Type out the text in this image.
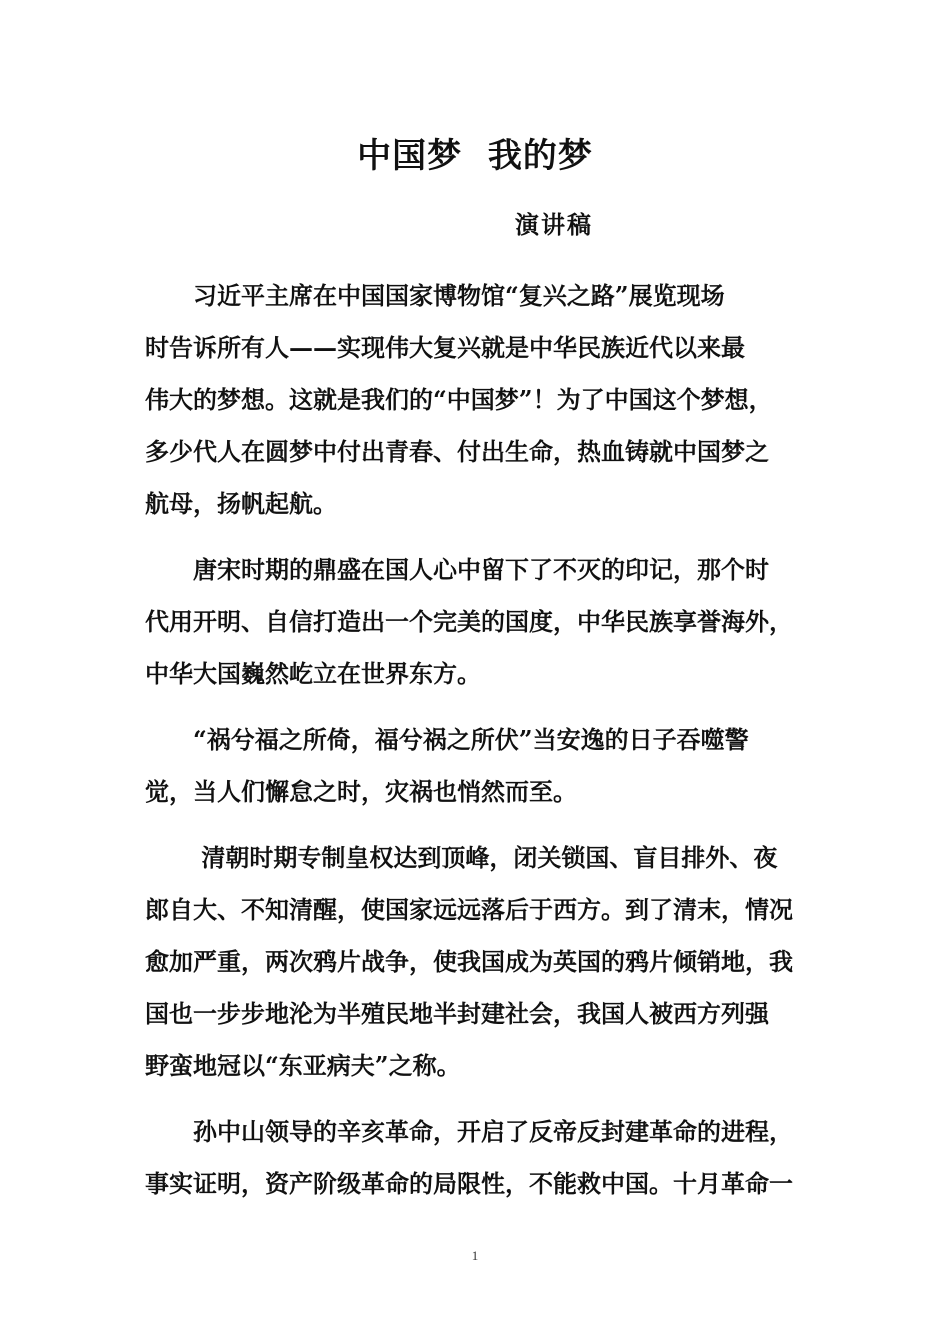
中国梦  我的梦
演讲稿
　　习近平主席在中国国家博物馆“复兴之路”展览现场
时告诉所有人——实现伟大复兴就是中华民族近代以来最
伟大的梦想。这就是我们的“中国梦”！为了中国这个梦想，
多少代人在圆梦中付出青春、付出生命，热血铸就中国梦之
航母，扬帆起航。
　　唐宋时期的鼎盛在国人心中留下了不灭的印记，那个时
代用开明、自信打造出一个完美的国度，中华民族享誉海外，
中华大国巍然屹立在世界东方。
　　“祸兮福之所倚，福兮祸之所伏”当安逸的日子吞噬警
觉，当人们懈怠之时，灾祸也悄然而至。
　　 清朝时期专制皇权达到顶峰，闭关锁国、盲目排外、夜
郎自大、不知清醒，使国家远远落后于西方。到了清末，情况
愈加严重，两次鸦片战争，使我国成为英国的鸦片倾销地，我
国也一步步地沦为半殖民地半封建社会，我国人被西方列强
野蛮地冠以“东亚病夫”之称。
　　孙中山领导的辛亥革命，开启了反帝反封建革命的进程，
事实证明，资产阶级革命的局限性，不能救中国。十月革命一
1
